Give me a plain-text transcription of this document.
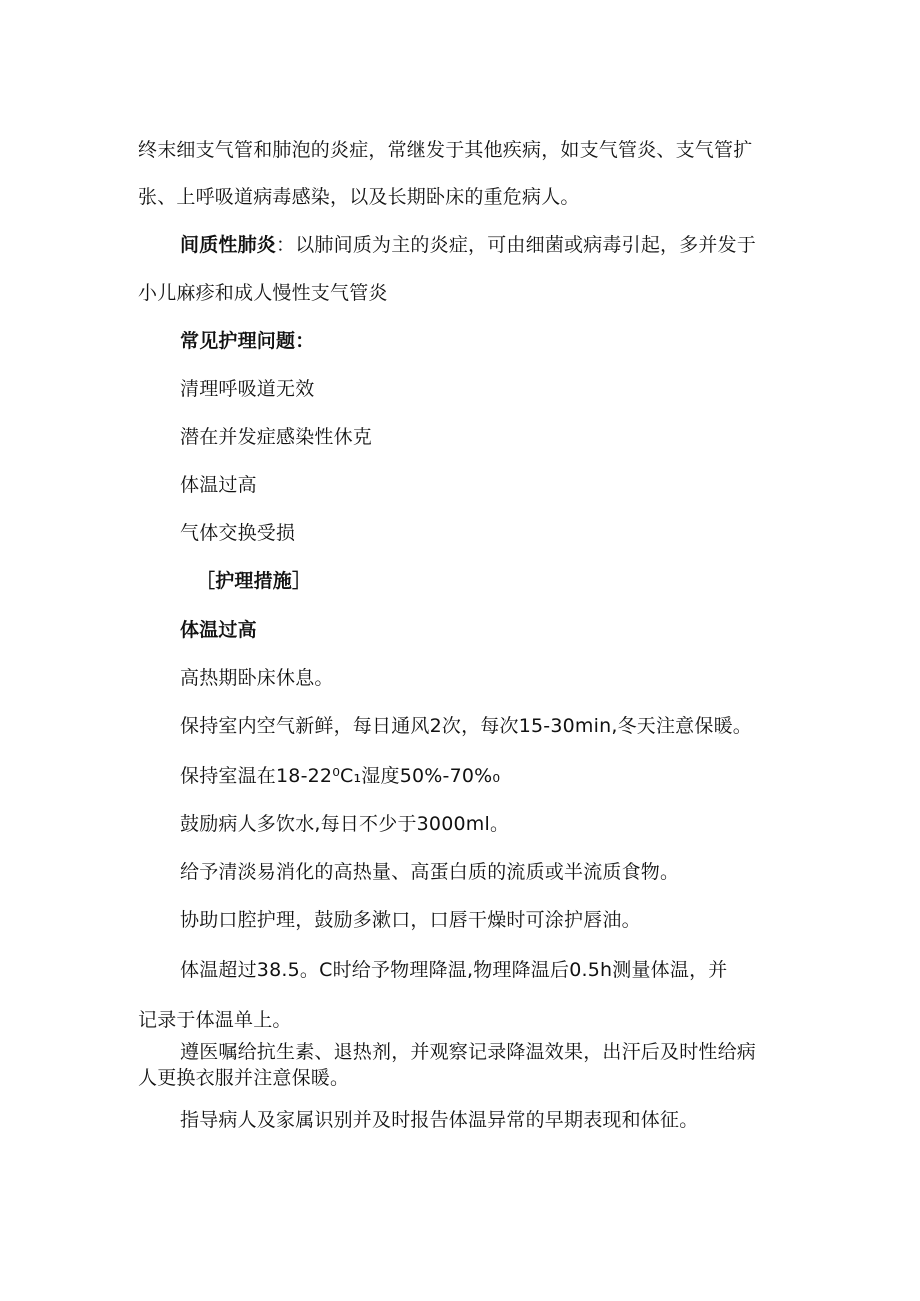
终末细支气管和肺泡的炎症，常继发于其他疾病，如支气管炎、支气管扩

张、上呼吸道病毒感染，以及长期卧床的重危病人。

间质性肺炎：以肺间质为主的炎症，可由细菌或病毒引起，多并发于

小儿麻疹和成人慢性支气管炎

常见护理问题：

清理呼吸道无效

潜在并发症感染性休克

体温过高

气体交换受损

［护理措施］

体温过高

高热期卧床休息。

保持室内空气新鲜，每日通风2次，每次15-30min,冬天注意保暖。

保持室温在18-22⁰C₁湿度50%-70%₀

鼓励病人多饮水,每日不少于3000ml。

给予清淡易消化的高热量、高蛋白质的流质或半流质食物。

协助口腔护理，鼓励多漱口，口唇干燥时可涂护唇油。

体温超过38.5。C时给予物理降温,物理降温后0.5h测量体温，并

记录于体温单上。

遵医嘱给抗生素、退热剂，并观察记录降温效果，出汗后及时性给病

人更换衣服并注意保暖。

指导病人及家属识别并及时报告体温异常的早期表现和体征。
